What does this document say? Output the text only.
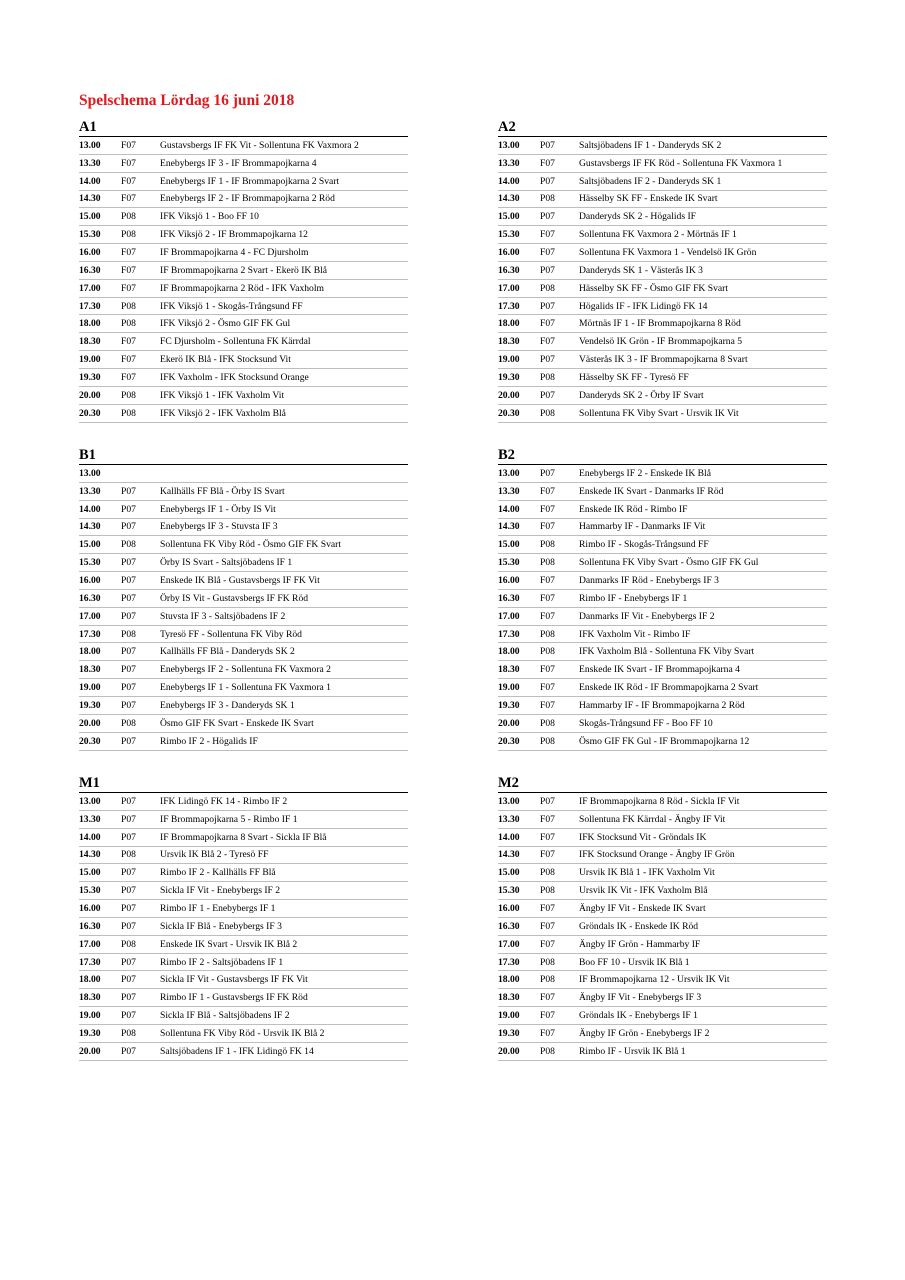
Spelschema Lördag 16 juni 2018
A1
13.00	F07	Gustavsbergs IF FK Vit - Sollentuna FK Vaxmora 2
13.30	F07	Enebybergs IF 3 - IF Brommapojkarna 4
14.00	F07	Enebybergs IF 1 - IF Brommapojkarna 2 Svart
14.30	F07	Enebybergs IF 2 - IF Brommapojkarna 2 Röd
15.00	P08	IFK Viksjö 1 - Boo FF 10
15.30	P08	IFK Viksjö 2 - IF Brommapojkarna 12
16.00	F07	IF Brommapojkarna 4 - FC Djursholm
16.30	F07	IF Brommapojkarna 2 Svart - Ekerö IK Blå
17.00	F07	IF Brommapojkarna 2 Röd - IFK Vaxholm
17.30	P08	IFK Viksjö 1 - Skogås-Trångsund FF
18.00	P08	IFK Viksjö 2 - Ösmo GIF FK Gul
18.30	F07	FC Djursholm - Sollentuna FK Kärrdal
19.00	F07	Ekerö IK Blå - IFK Stocksund Vit
19.30	F07	IFK Vaxholm - IFK Stocksund Orange
20.00	P08	IFK Viksjö 1 - IFK Vaxholm Vit
20.30	P08	IFK Viksjö 2 - IFK Vaxholm Blå
A2
13.00	P07	Saltsjöbadens IF 1 - Danderyds SK 2
13.30	F07	Gustavsbergs IF FK Röd - Sollentuna FK Vaxmora 1
14.00	P07	Saltsjöbadens IF 2 - Danderyds SK 1
14.30	P08	Hässelby SK FF - Enskede IK Svart
15.00	P07	Danderyds SK 2 - Högalids IF
15.30	F07	Sollentuna FK Vaxmora 2 - Mörtnäs IF 1
16.00	F07	Sollentuna FK Vaxmora 1 - Vendelsö IK Grön
16.30	P07	Danderyds SK 1 - Västerås IK 3
17.00	P08	Hässelby SK FF - Ösmo GIF FK Svart
17.30	P07	Högalids IF - IFK Lidingö FK 14
18.00	F07	Mörtnäs IF 1 - IF Brommapojkarna 8 Röd
18.30	F07	Vendelsö IK Grön - IF Brommapojkarna 5
19.00	P07	Västerås IK 3 - IF Brommapojkarna 8 Svart
19.30	P08	Hässelby SK FF - Tyresö FF
20.00	P07	Danderyds SK 2 - Örby IF Svart
20.30	P08	Sollentuna FK Viby Svart - Ursvik IK Vit
B1
13.00
13.30	P07	Kallhälls FF Blå - Örby IS Svart
14.00	P07	Enebybergs IF 1 - Örby IS Vit
14.30	P07	Enebybergs IF 3 - Stuvsta IF 3
15.00	P08	Sollentuna FK Viby Röd - Ösmo GIF FK Svart
15.30	P07	Örby IS Svart - Saltsjöbadens IF 1
16.00	P07	Enskede IK Blå - Gustavsbergs IF FK Vit
16.30	P07	Örby IS Vit - Gustavsbergs IF FK Röd
17.00	P07	Stuvsta IF 3 - Saltsjöbadens IF 2
17.30	P08	Tyresö FF - Sollentuna FK Viby Röd
18.00	P07	Kallhälls FF Blå - Danderyds SK 2
18.30	P07	Enebybergs IF 2 - Sollentuna FK Vaxmora 2
19.00	P07	Enebybergs IF 1 - Sollentuna FK Vaxmora 1
19.30	P07	Enebybergs IF 3 - Danderyds SK 1
20.00	P08	Ösmo GIF FK Svart - Enskede IK Svart
20.30	P07	Rimbo IF 2 - Högalids IF
B2
13.00	P07	Enebybergs IF 2 - Enskede IK Blå
13.30	F07	Enskede IK Svart - Danmarks IF Röd
14.00	F07	Enskede IK Röd - Rimbo IF
14.30	F07	Hammarby IF - Danmarks IF Vit
15.00	P08	Rimbo IF - Skogås-Trångsund FF
15.30	P08	Sollentuna FK Viby Svart - Ösmo GIF FK Gul
16.00	F07	Danmarks IF Röd - Enebybergs IF 3
16.30	F07	Rimbo IF - Enebybergs IF 1
17.00	F07	Danmarks IF Vit - Enebybergs IF 2
17.30	P08	IFK Vaxholm Vit - Rimbo IF
18.00	P08	IFK Vaxholm Blå - Sollentuna FK Viby Svart
18.30	F07	Enskede IK Svart - IF Brommapojkarna 4
19.00	F07	Enskede IK Röd - IF Brommapojkarna 2 Svart
19.30	F07	Hammarby IF - IF Brommapojkarna 2 Röd
20.00	P08	Skogås-Trångsund FF - Boo FF 10
20.30	P08	Ösmo GIF FK Gul - IF Brommapojkarna 12
M1
13.00	P07	IFK Lidingö FK 14 - Rimbo IF 2
13.30	P07	IF Brommapojkarna 5 - Rimbo IF 1
14.00	P07	IF Brommapojkarna 8 Svart - Sickla IF Blå
14.30	P08	Ursvik IK Blå 2 - Tyresö FF
15.00	P07	Rimbo IF 2 - Kallhälls FF Blå
15.30	P07	Sickla IF Vit - Enebybergs IF 2
16.00	P07	Rimbo IF 1 - Enebybergs IF 1
16.30	P07	Sickla IF Blå - Enebybergs IF 3
17.00	P08	Enskede IK Svart - Ursvik IK Blå 2
17.30	P07	Rimbo IF 2 - Saltsjöbadens IF 1
18.00	P07	Sickla IF Vit - Gustavsbergs IF FK Vit
18.30	P07	Rimbo IF 1 - Gustavsbergs IF FK Röd
19.00	P07	Sickla IF Blå - Saltsjöbadens IF 2
19.30	P08	Sollentuna FK Viby Röd - Ursvik IK Blå 2
20.00	P07	Saltsjöbadens IF 1 - IFK Lidingö FK 14
M2
13.00	P07	IF Brommapojkarna 8 Röd - Sickla IF Vit
13.30	F07	Sollentuna FK Kärrdal - Ängby IF Vit
14.00	F07	IFK Stocksund Vit - Gröndals IK
14.30	F07	IFK Stocksund Orange - Ängby IF Grön
15.00	P08	Ursvik IK Blå 1 - IFK Vaxholm Vit
15.30	P08	Ursvik IK Vit - IFK Vaxholm Blå
16.00	F07	Ängby IF Vit - Enskede IK Svart
16.30	F07	Gröndals IK - Enskede IK Röd
17.00	F07	Ängby IF Grön - Hammarby IF
17.30	P08	Boo FF 10 - Ursvik IK Blå 1
18.00	P08	IF Brommapojkarna 12 - Ursvik IK Vit
18.30	F07	Ängby IF Vit - Enebybergs IF 3
19.00	F07	Gröndals IK - Enebybergs IF 1
19.30	F07	Ängby IF Grön - Enebybergs IF 2
20.00	P08	Rimbo IF - Ursvik IK Blå 1
